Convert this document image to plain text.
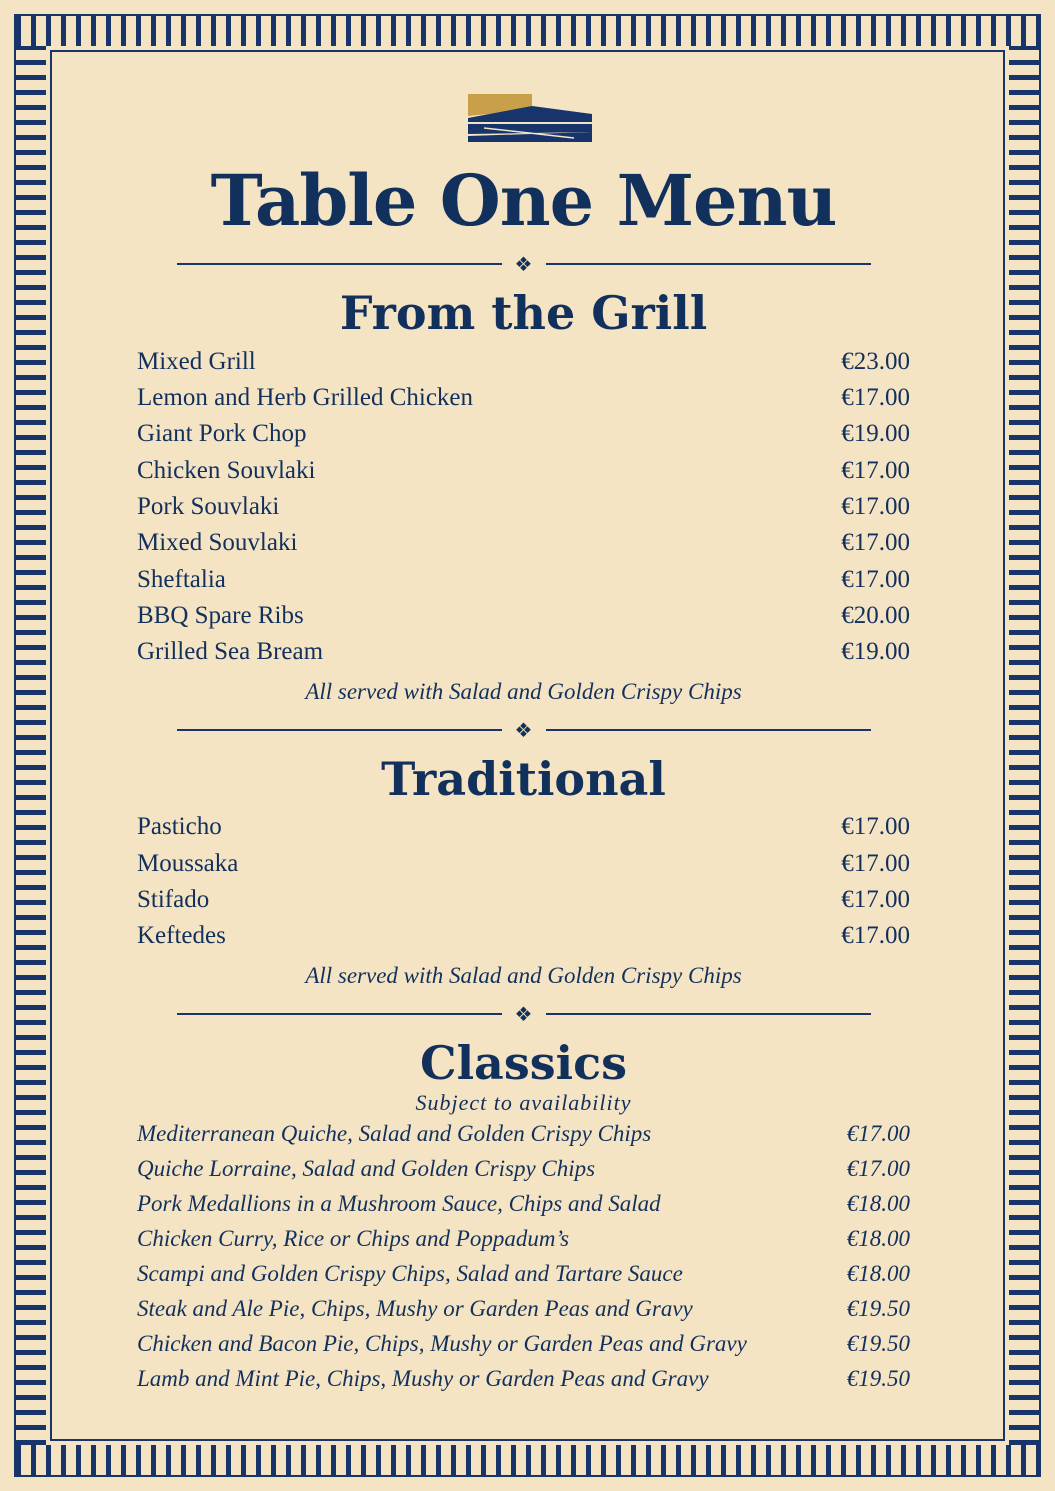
Table One Menu
❖
From the Grill
Mixed Grill	€23.00
Lemon and Herb Grilled Chicken	€17.00
Giant Pork Chop	€19.00
Chicken Souvlaki	€17.00
Pork Souvlaki	€17.00
Mixed Souvlaki	€17.00
Sheftalia	€17.00
BBQ Spare Ribs	€20.00
Grilled Sea Bream	€19.00
All served with Salad and Golden Crispy Chips
❖
Traditional
Pasticho	€17.00
Moussaka	€17.00
Stifado	€17.00
Keftedes	€17.00
All served with Salad and Golden Crispy Chips
❖
Classics
Subject to availability
Mediterranean Quiche, Salad and Golden Crispy Chips	€17.00
Quiche Lorraine, Salad and Golden Crispy Chips	€17.00
Pork Medallions in a Mushroom Sauce, Chips and Salad	€18.00
Chicken Curry, Rice or Chips and Poppadum’s	€18.00
Scampi and Golden Crispy Chips, Salad and Tartare Sauce	€18.00
Steak and Ale Pie, Chips, Mushy or Garden Peas and Gravy	€19.50
Chicken and Bacon Pie, Chips, Mushy or Garden Peas and Gravy	€19.50
Lamb and Mint Pie, Chips, Mushy or Garden Peas and Gravy	€19.50
